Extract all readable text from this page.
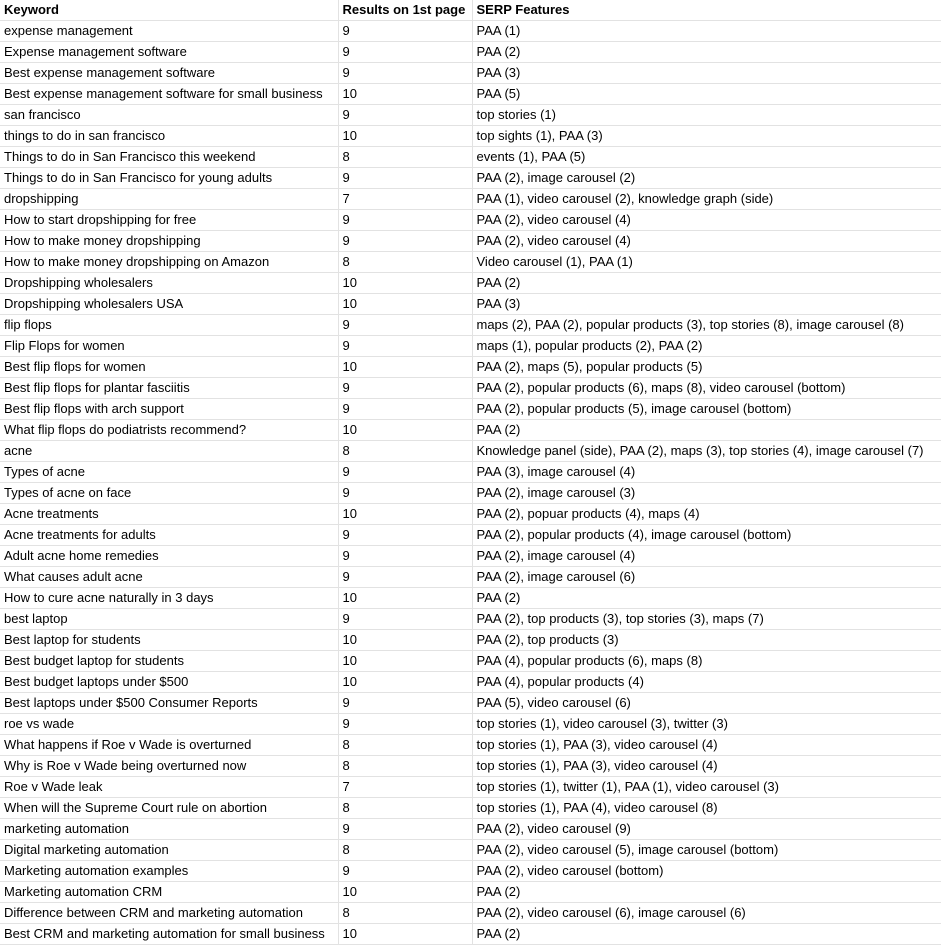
Keyword	Results on 1st page	SERP Features
expense management	9	PAA (1)
Expense management software	9	PAA (2)
Best expense management software	9	PAA (3)
Best expense management software for small business	10	PAA (5)
san francisco	9	top stories (1)
things to do in san francisco	10	top sights (1), PAA (3)
Things to do in San Francisco this weekend	8	events (1), PAA (5)
Things to do in San Francisco for young adults	9	PAA (2), image carousel (2)
dropshipping	7	PAA (1), video carousel (2), knowledge graph (side)
How to start dropshipping for free	9	PAA (2), video carousel (4)
How to make money dropshipping	9	PAA (2), video carousel (4)
How to make money dropshipping on Amazon	8	Video carousel (1), PAA (1)
Dropshipping wholesalers	10	PAA (2)
Dropshipping wholesalers USA	10	PAA (3)
flip flops	9	maps (2), PAA (2), popular products (3), top stories (8), image carousel (8)
Flip Flops for women	9	maps (1), popular products (2), PAA (2)
Best flip flops for women	10	PAA (2), maps (5), popular products (5)
Best flip flops for plantar fasciitis	9	PAA (2), popular products (6), maps (8), video carousel (bottom)
Best flip flops with arch support	9	PAA (2), popular products (5), image carousel (bottom)
What flip flops do podiatrists recommend?	10	PAA (2)
acne	8	Knowledge panel (side), PAA (2), maps (3), top stories (4), image carousel (7)
Types of acne	9	PAA (3), image carousel (4)
Types of acne on face	9	PAA (2), image carousel (3)
Acne treatments	10	PAA (2), popuar products (4), maps (4)
Acne treatments for adults	9	PAA (2), popular products (4), image carousel (bottom)
Adult acne home remedies	9	PAA (2), image carousel (4)
What causes adult acne	9	PAA (2), image carousel (6)
How to cure acne naturally in 3 days	10	PAA (2)
best laptop	9	PAA (2), top products (3), top stories (3), maps (7)
Best laptop for students	10	PAA (2), top products (3)
Best budget laptop for students	10	PAA (4), popular products (6), maps (8)
Best budget laptops under $500	10	PAA (4), popular products (4)
Best laptops under $500 Consumer Reports	9	PAA (5), video carousel (6)
roe vs wade	9	top stories (1), video carousel (3), twitter (3)
What happens if Roe v Wade is overturned	8	top stories (1), PAA (3), video carousel (4)
Why is Roe v Wade being overturned now	8	top stories (1), PAA (3), video carousel (4)
Roe v Wade leak	7	top stories (1), twitter (1), PAA (1), video carousel (3)
When will the Supreme Court rule on abortion	8	top stories (1), PAA (4), video carousel (8)
marketing automation	9	PAA (2), video carousel (9)
Digital marketing automation	8	PAA (2), video carousel (5), image carousel (bottom)
Marketing automation examples	9	PAA (2), video carousel (bottom)
Marketing automation CRM	10	PAA (2)
Difference between CRM and marketing automation	8	PAA (2), video carousel (6), image carousel (6)
Best CRM and marketing automation for small business	10	PAA (2)
